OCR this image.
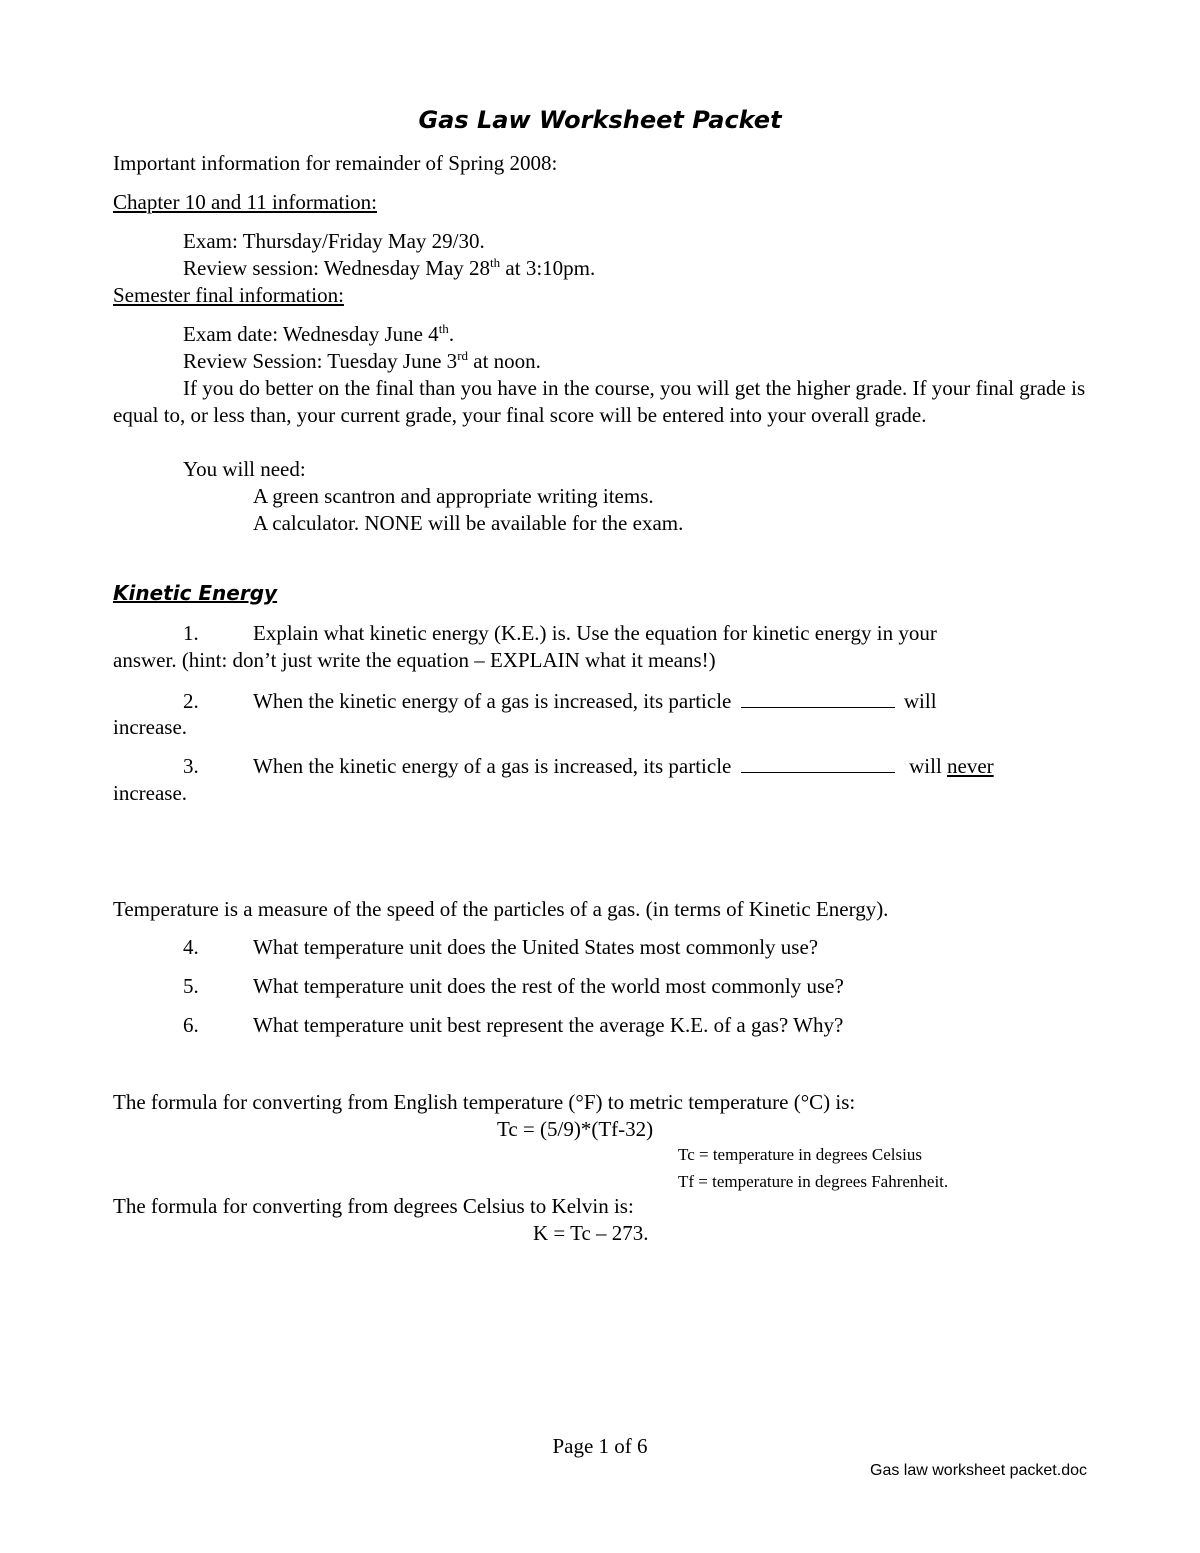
Gas Law Worksheet Packet
Important information for remainder of Spring 2008:
Chapter 10 and 11 information:
Exam: Thursday/Friday May 29/30.
Review session: Wednesday May 28th at 3:10pm.
Semester final information:
Exam date: Wednesday June 4th.
Review Session: Tuesday June 3rd at noon.
If you do better on the final than you have in the course, you will get the higher grade. If your final grade is equal to, or less than, your current grade, your final score will be entered into your overall grade.
You will need:
A green scantron and appropriate writing items.
A calculator. NONE will be available for the exam.
Kinetic Energy
1.	Explain what kinetic energy (K.E.) is. Use the equation for kinetic energy in your
answer. (hint: don’t just write the equation – EXPLAIN what it means!)
2.	When the kinetic energy of a gas is increased, its particle	will
increase.
3.	When the kinetic energy of a gas is increased, its particle	will never
increase.
Temperature is a measure of the speed of the particles of a gas. (in terms of Kinetic Energy).
4.	What temperature unit does the United States most commonly use?
5.	What temperature unit does the rest of the world most commonly use?
6.	What temperature unit best represent the average K.E. of a gas? Why?
The formula for converting from English temperature (°F) to metric temperature (°C) is:
Tc = (5/9)*(Tf-32)
Tc = temperature in degrees Celsius
Tf = temperature in degrees Fahrenheit.
The formula for converting from degrees Celsius to Kelvin is:
K = Tc – 273.
Page 1 of 6
Gas law worksheet packet.doc
